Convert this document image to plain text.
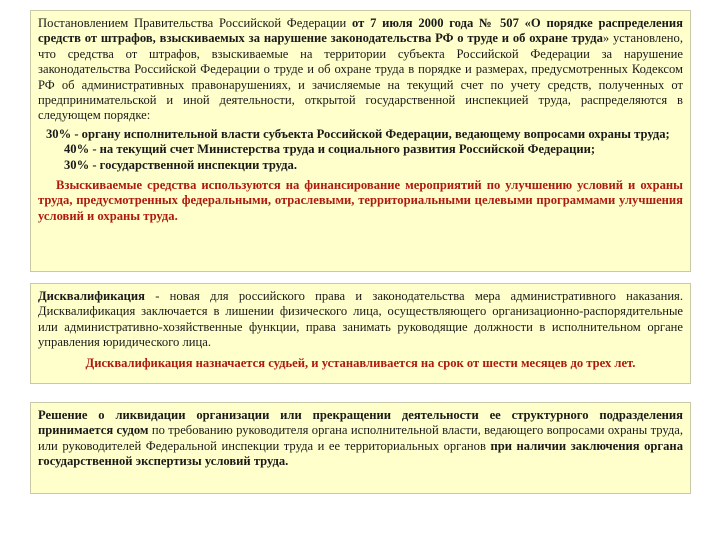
Постановлением Правительства Российской Федерации от 7 июля 2000 года № 507 «О порядке распределения средств от штрафов, взыскиваемых за нарушение законодательства РФ о труде и об охране труда» установлено, что средства от штрафов, взыскиваемые на территории субъекта Российской Федерации за нарушение законодательства Российской Федерации о труде и об охране труда в порядке и размерах, предусмотренных Кодексом РФ об административных правонарушениях, и зачисляемые на текущий счет по учету средств, полученных от предпринимательской и иной деятельности, открытой государственной инспекцией труда, распределяются в следующем порядке:

30% - органу исполнительной власти субъекта Российской Федерации, ведающему вопросами охраны труда;

40% - на текущий счет Министерства труда и социального развития Российской Федерации;

30% - государственной инспекции труда.

Взыскиваемые средства используются на финансирование мероприятий по улучшению условий и охраны труда, предусмотренных федеральными, отраслевыми, территориальными целевыми программами улучшения условий и охраны труда.

Дисквалификация - новая для российского права и законодательства мера административного наказания. Дисквалификация заключается в лишении физического лица, осуществляющего организационно-распорядительные или административно-хозяйственные функции, права занимать руководящие должности в исполнительном органе управления юридического лица.

Дисквалификация назначается судьей, и устанавливается на срок от шести месяцев до трех лет.

Решение о ликвидации организации или прекращении деятельности ее структурного подразделения принимается судом по требованию руководителя органа исполнительной власти, ведающего вопросами охраны труда, или руководителей Федеральной инспекции труда и ее территориальных органов при наличии заключения органа государственной экспертизы условий труда.
